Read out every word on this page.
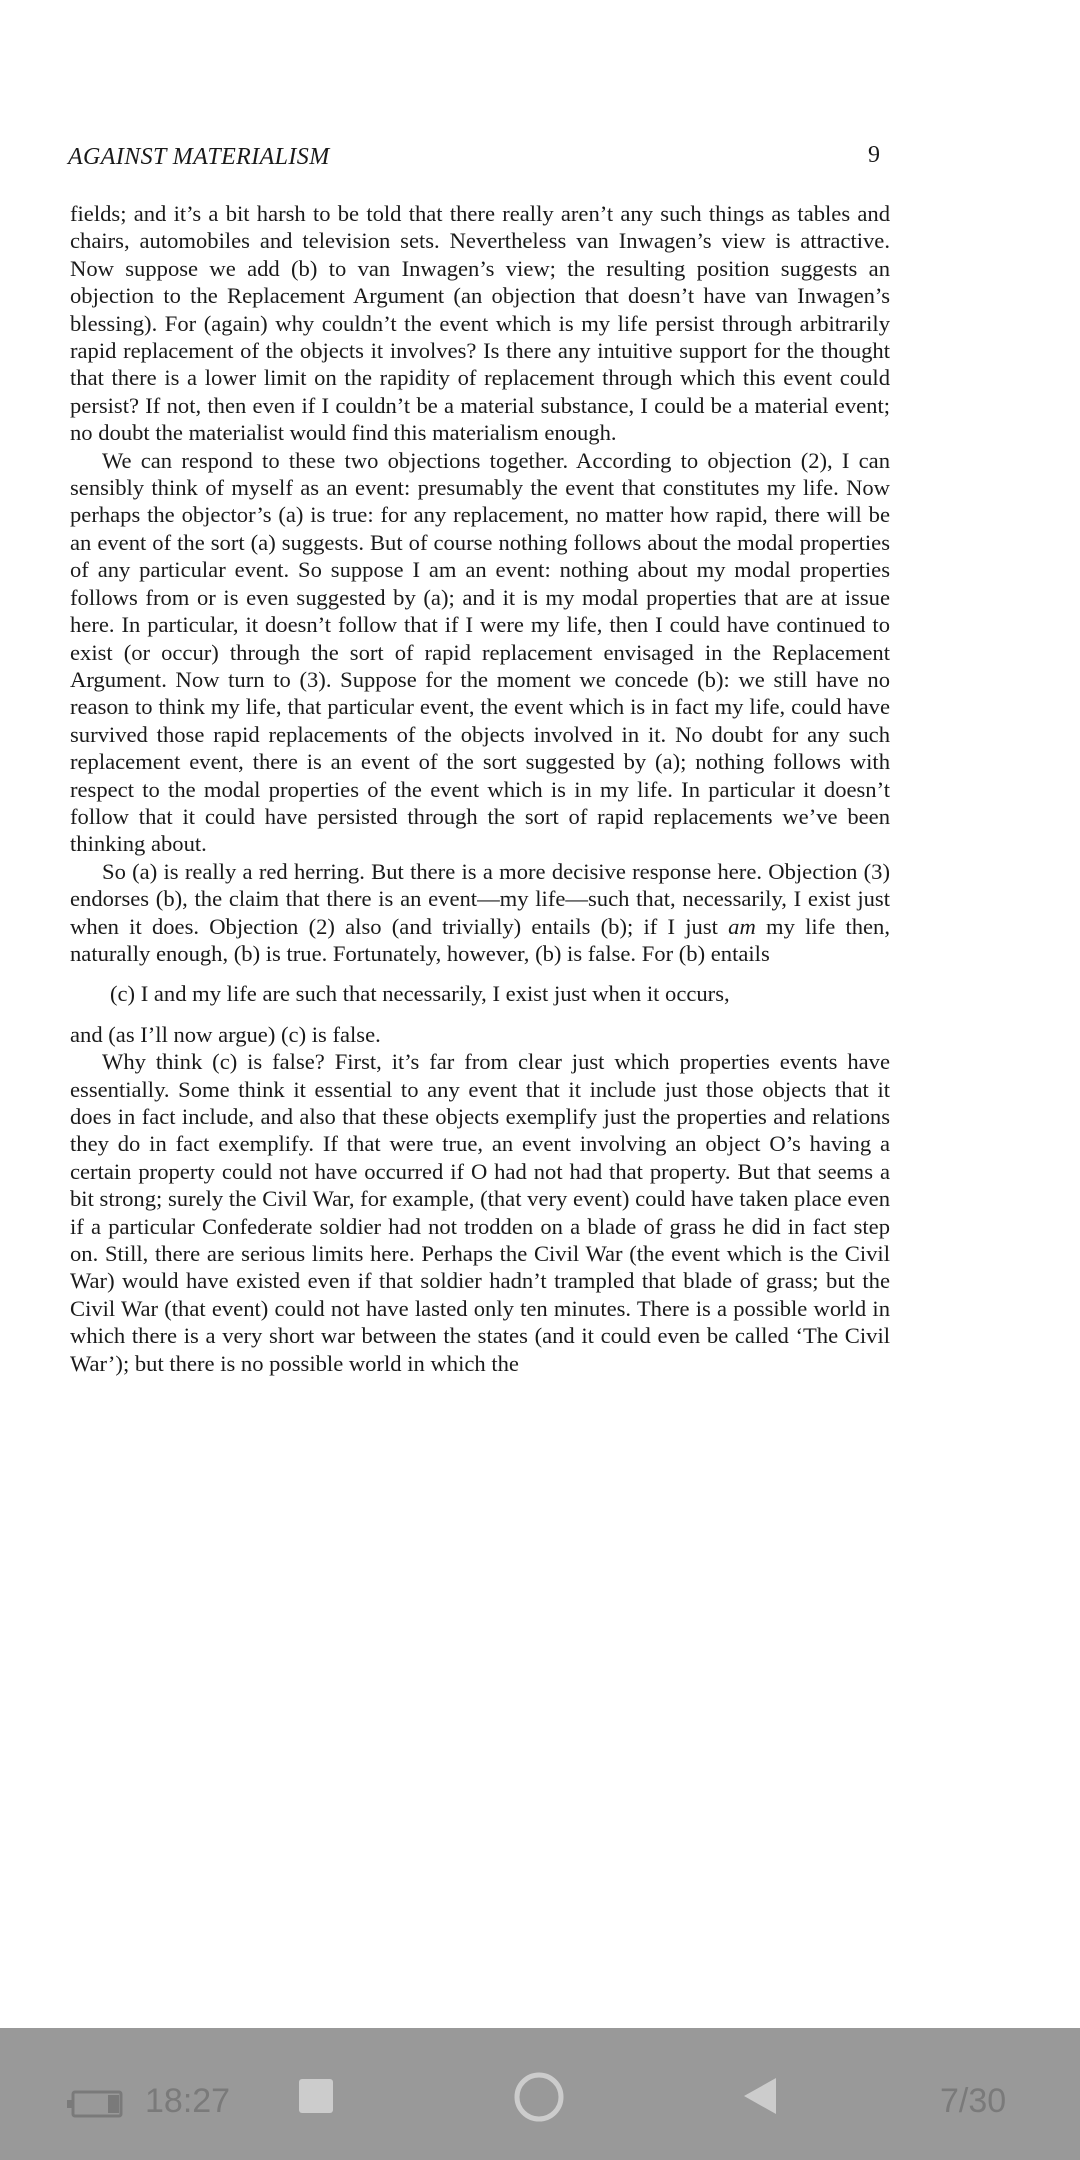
AGAINST MATERIALISM	9

fields; and it’s a bit harsh to be told that there really aren’t any such things as tables and chairs, automobiles and television sets. Nevertheless van Inwagen’s view is attractive. Now suppose we add (b) to van Inwagen’s view; the resulting position suggests an objection to the Replacement Argument (an objection that doesn’t have van Inwagen’s blessing). For (again) why couldn’t the event which is my life persist through arbitrarily rapid replacement of the objects it involves? Is there any intuitive support for the thought that there is a lower limit on the rapidity of replacement through which this event could persist? If not, then even if I couldn’t be a material substance, I could be a material event; no doubt the materialist would find this materialism enough.

We can respond to these two objections together. According to objection (2), I can sensibly think of myself as an event: presumably the event that constitutes my life. Now perhaps the objector’s (a) is true: for any replacement, no matter how rapid, there will be an event of the sort (a) suggests. But of course nothing follows about the modal properties of any particular event. So suppose I am an event: nothing about my modal properties follows from or is even suggested by (a); and it is my modal properties that are at issue here. In particular, it doesn’t follow that if I were my life, then I could have continued to exist (or occur) through the sort of rapid replacement envisaged in the Replacement Argument. Now turn to (3). Suppose for the moment we concede (b): we still have no reason to think my life, that particular event, the event which is in fact my life, could have survived those rapid replacements of the objects involved in it. No doubt for any such replacement event, there is an event of the sort suggested by (a); nothing follows with respect to the modal properties of the event which is in my life. In particular it doesn’t follow that it could have persisted through the sort of rapid replacements we’ve been thinking about.

So (a) is really a red herring. But there is a more decisive response here. Objection (3) endorses (b), the claim that there is an event—my life—such that, necessarily, I exist just when it does. Objection (2) also (and trivially) entails (b); if I just am my life then, naturally enough, (b) is true. Fortunately, however, (b) is false. For (b) entails

(c) I and my life are such that necessarily, I exist just when it occurs,

and (as I’ll now argue) (c) is false.

Why think (c) is false? First, it’s far from clear just which properties events have essentially. Some think it essential to any event that it include just those objects that it does in fact include, and also that these objects exemplify just the properties and relations they do in fact exemplify. If that were true, an event involving an object O’s having a certain property could not have occurred if O had not had that property. But that seems a bit strong; surely the Civil War, for example, (that very event) could have taken place even if a particular Confederate soldier had not trodden on a blade of grass he did in fact step on. Still, there are serious limits here. Perhaps the Civil War (the event which is the Civil War) would have existed even if that soldier hadn’t trampled that blade of grass; but the Civil War (that event) could not have lasted only ten minutes. There is a possible world in which there is a very short war between the states (and it could even be called ‘The Civil War’); but there is no possible world in which the

18:27	7/30
